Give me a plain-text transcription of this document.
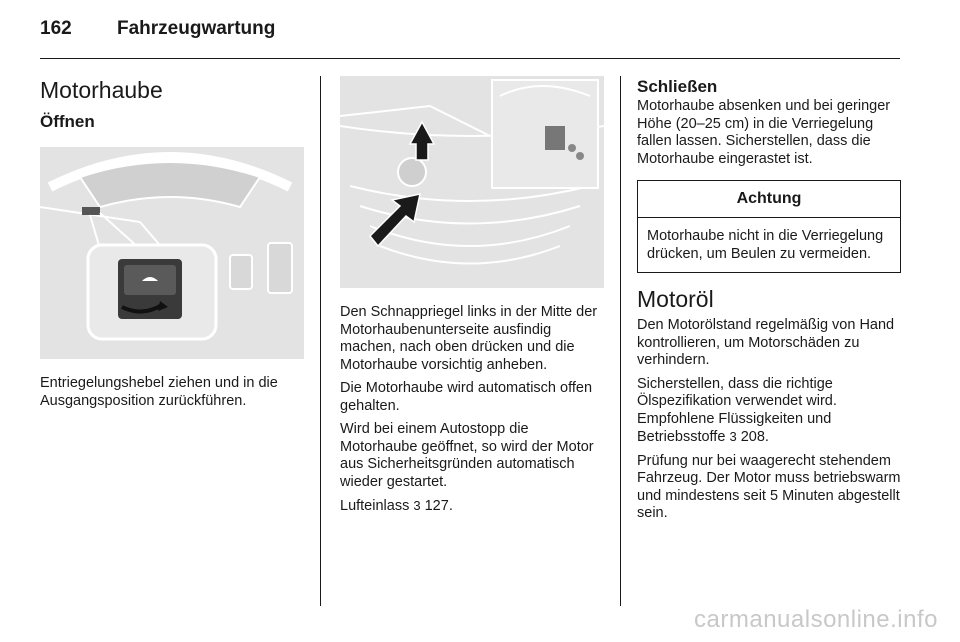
162 Fahrzeugwartung
Motorhaube
Öffnen

Entriegelungshebel ziehen und in die Ausgangsposition zurückführen.

Den Schnappriegel links in der Mitte der Motorhaubenunterseite ausfindig machen, nach oben drücken und die Motorhaube vorsichtig anheben.

Die Motorhaube wird automatisch offen gehalten.

Wird bei einem Autostopp die Motorhaube geöffnet, so wird der Motor aus Sicherheitsgründen automatisch wieder gestartet.

Lufteinlass 3 127.

Schließen

Motorhaube absenken und bei geringer Höhe (20–25 cm) in die Verriegelung fallen lassen. Sicherstellen, dass die Motorhaube eingerastet ist.

Achtung

Motorhaube nicht in die Verriegelung drücken, um Beulen zu vermeiden.

Motoröl

Den Motorölstand regelmäßig von Hand kontrollieren, um Motorschäden zu verhindern.

Sicherstellen, dass die richtige Ölspezifikation verwendet wird. Empfohlene Flüssigkeiten und Betriebsstoffe 3 208.

Prüfung nur bei waagerecht stehendem Fahrzeug. Der Motor muss betriebswarm und mindestens seit 5 Minuten abgestellt sein.

carmanualsonline.info
